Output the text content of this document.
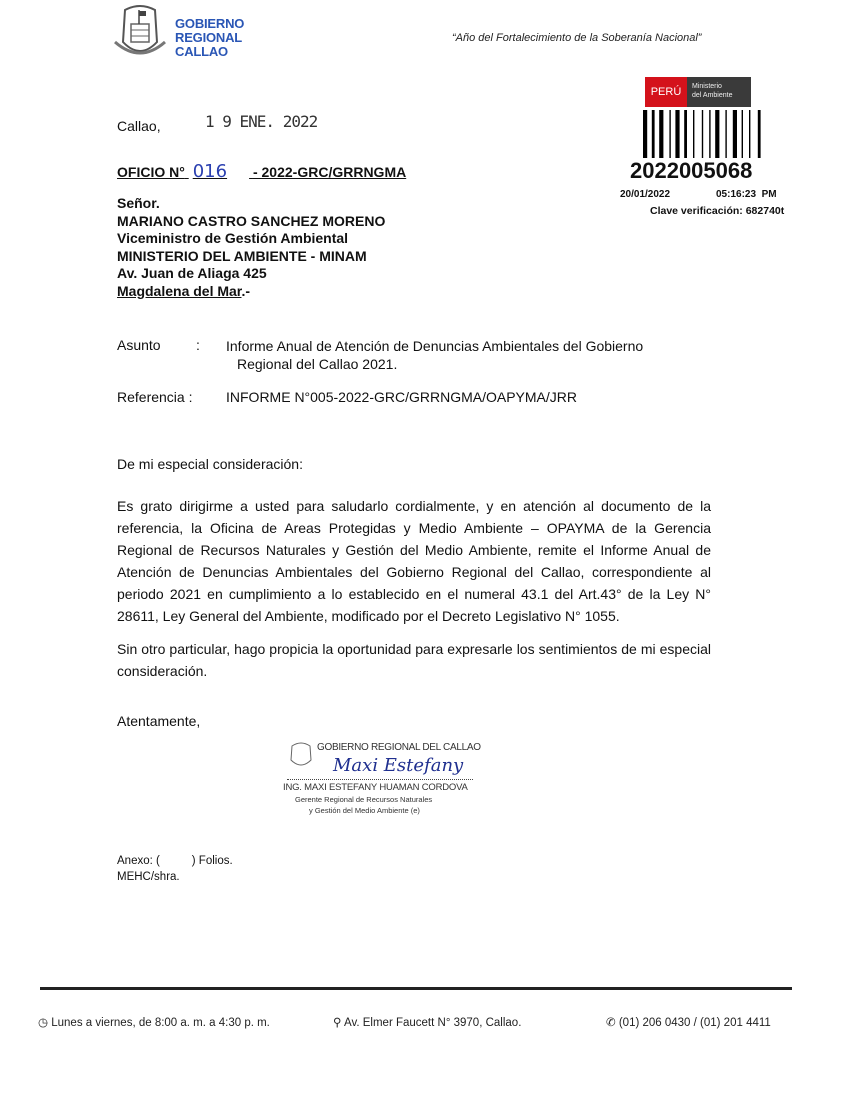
GOBIERNO
REGIONAL
CALLAO
“Año del Fortalecimiento de la Soberanía Nacional”
PERÚ	Ministerio
del Ambiente
2022005068
20/01/2022	05:16:23  PM
Clave verificación: 682740t
Callao,	1 9 ENE. 2022
OFICIO N° 016 - 2022-GRC/GRRNGMA
Señor.
MARIANO CASTRO SANCHEZ MORENO
Viceministro de Gestión Ambiental
MINISTERIO DEL AMBIENTE - MINAM
Av. Juan de Aliaga 425
Magdalena del Mar.-
Asunto	: Informe Anual de Atención de Denuncias Ambientales del Gobierno
Regional del Callao 2021.
Referencia : INFORME N°005-2022-GRC/GRRNGMA/OAPYMA/JRR
De mi especial consideración:
Es grato dirigirme a usted para saludarlo cordialmente, y en atención al documento de la referencia, la Oficina de Areas Protegidas y Medio Ambiente – OPAYMA de la Gerencia Regional de Recursos Naturales y Gestión del Medio Ambiente, remite el Informe Anual de Atención de Denuncias Ambientales del Gobierno Regional del Callao, correspondiente al periodo 2021 en cumplimiento a lo establecido en el numeral 43.1 del Art.43° de la Ley N° 28611, Ley General del Ambiente, modificado por el Decreto Legislativo N° 1055.
Sin otro particular, hago propicia la oportunidad para expresarle los sentimientos de mi especial consideración.
Atentamente,
GOBIERNO REGIONAL DEL CALLAO
Maxi Estefany
ING. MAXI ESTEFANY HUAMAN CORDOVA
Gerente Regional de Recursos Naturales
y Gestión del Medio Ambiente (e)
Anexo: (          ) Folios.
MEHC/shra.
◷ Lunes a viernes, de 8:00 a. m. a 4:30 p. m.	⚲ Av. Elmer Faucett N° 3970, Callao.	✆ (01) 206 0430 / (01) 201 4411
